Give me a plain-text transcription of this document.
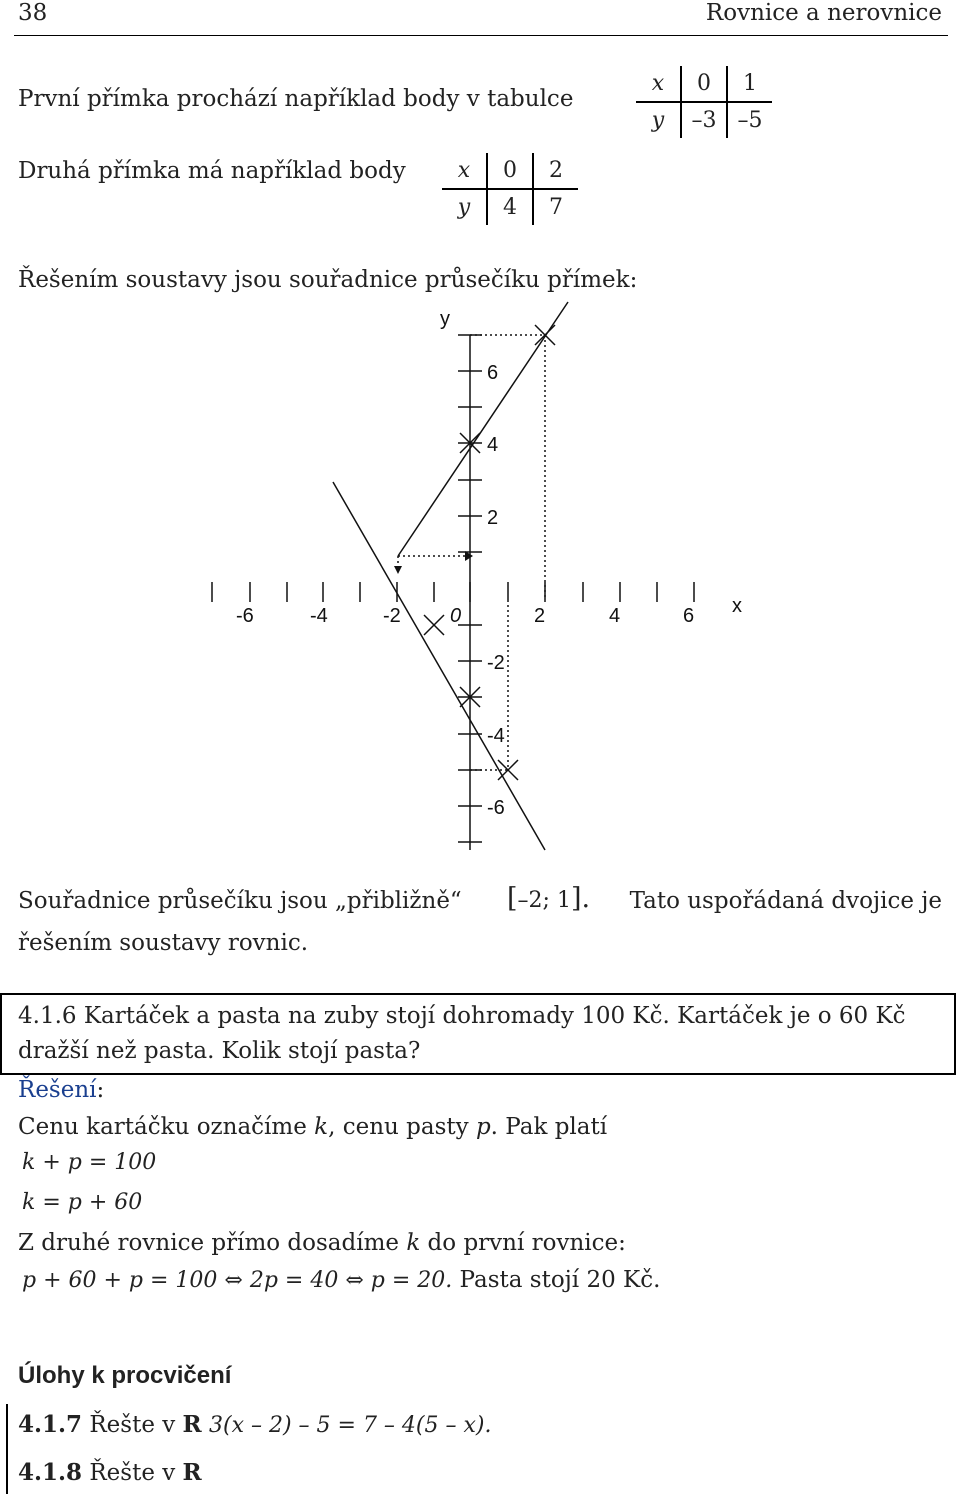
38	Rovnice a nerovnice
První přímka prochází například body v tabulce
x	0	1
y	–3	–5
Druhá přímka má například body x	0	2
y	4	7
Řešením soustavy jsou souřadnice průsečíku přímek:
y
x
6
4
2
-2
-4
-6
-6	-4	-2 0	2	4	6
Souřadnice průsečíku jsou „přibližně“ [–2; 1]. Tato uspořádaná dvojice je
řešením soustavy rovnic.
4.1.6 Kartáček a pasta na zuby stojí dohromady 100 Kč. Kartáček je o 60 Kč
dražší než pasta. Kolik stojí pasta?
Řešení:
Cenu kartáčku označíme k, cenu pasty p. Pak platí
k + p = 100
k = p + 60
Z druhé rovnice přímo dosadíme k do první rovnice:
p + 60 + p = 100 ⇔ 2p = 40 ⇔ p = 20. Pasta stojí 20 Kč.
Úlohy k procvičení
4.1.7 Řešte v R 3(x – 2) – 5 = 7 – 4(5 – x).
4.1.8 Řešte v R
